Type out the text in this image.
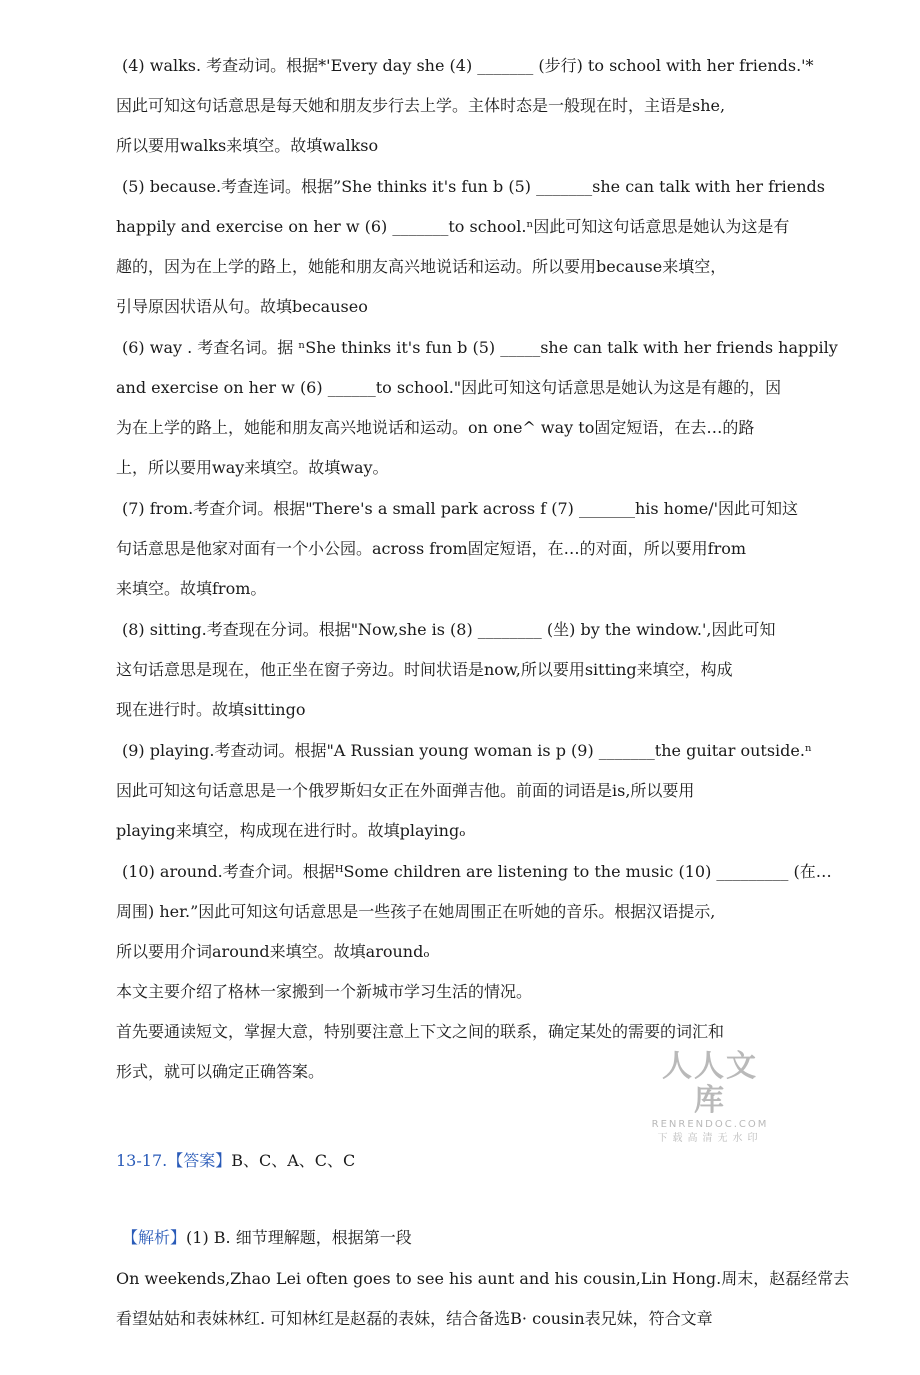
(4) walks. 考查动词。根据*'Every day she (4) _______ (步行) to school with her friends.'*
因此可知这句话意思是每天她和朋友步行去上学。主体时态是一般现在时，主语是she,
所以要用walks来填空。故填walkso
(5) because.考查连词。根据”She thinks it's fun b (5) _______she can talk with her friends
happily and exercise on her w (6) _______to school.ⁿ因此可知这句话意思是她认为这是有
趣的，因为在上学的路上，她能和朋友高兴地说话和运动。所以要用because来填空，
引导原因状语从句。故填becauseo
(6) way . 考查名词。据 ⁿShe thinks it's fun b (5) _____she can talk with her friends happily
and exercise on her w (6) ______to school."因此可知这句话意思是她认为这是有趣的，因
为在上学的路上，她能和朋友高兴地说话和运动。on one^ way to固定短语，在去…的路
上，所以要用way来填空。故填way。
(7) from.考查介词。根据"There's a small park across f (7) _______his home/'因此可知这
句话意思是他家对面有一个小公园。across from固定短语，在…的对面，所以要用from
来填空。故填from。
(8) sitting.考查现在分词。根据"Now,she is (8) ________ (坐) by the window.',因此可知
这句话意思是现在，他正坐在窗子旁边。时间状语是now,所以要用sitting来填空，构成
现在进行时。故填sittingo
(9) playing.考查动词。根据"A Russian young woman is p (9) _______the guitar outside.ⁿ
因此可知这句话意思是一个俄罗斯妇女正在外面弹吉他。前面的词语是is,所以要用
playing来填空，构成现在进行时。故填playingₒ
(10) around.考查介词。根据ᴴSome children are listening to the music (10) _________ (在…
周围) her.”因此可知这句话意思是一些孩子在她周围正在听她的音乐。根据汉语提示,
所以要用介词around来填空。故填aroundₒ
本文主要介绍了格林一家搬到一个新城市学习生活的情况。
首先要通读短文，掌握大意，特别要注意上下文之间的联系，确定某处的需要的词汇和
形式，就可以确定正确答案。	人人文库
RENRENDOC.COM
下载高清无水印
13-17.【答案】B、C、A、C、C
【解析】(1) B. 细节理解题，根据第一段
On weekends,Zhao Lei often goes to see his aunt and his cousin,Lin Hong.周末，赵磊经常去
看望姑姑和表妹林红. 可知林红是赵磊的表妹，结合备选B· cousin表兄妹，符合文章
